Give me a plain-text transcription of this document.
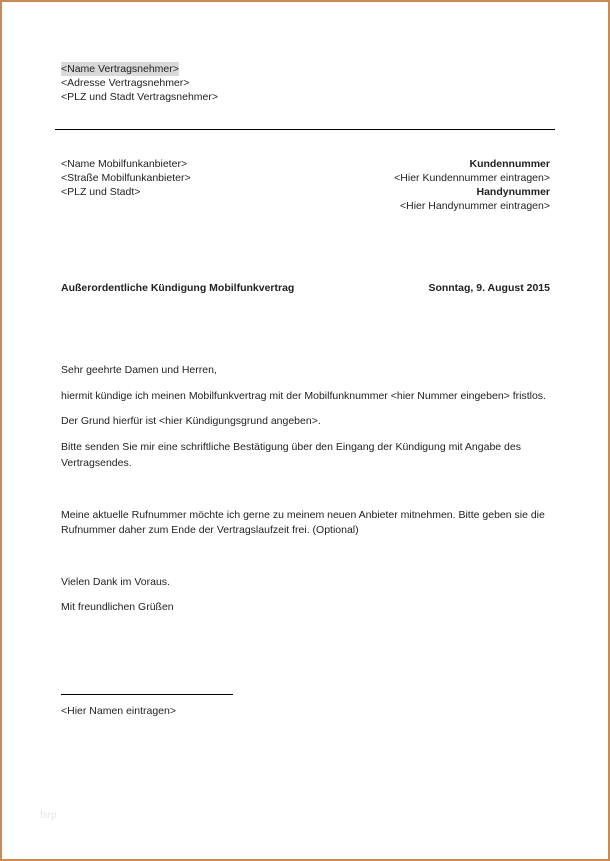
<Name Vertragsnehmer>
<Adresse Vertragsnehmer>
<PLZ und Stadt Vertragsnehmer>
<Name Mobilfunkanbieter>
<Straße Mobilfunkanbieter>
<PLZ und Stadt>
Kundennummer
<Hier Kundennummer eintragen>
Handynummer
<Hier Handynummer eintragen>
Außerordentliche Kündigung Mobilfunkvertrag	Sonntag, 9. August 2015
Sehr geehrte Damen und Herren,
hiermit kündige ich meinen Mobilfunkvertrag mit der Mobilfunknummer <hier Nummer eingeben> fristlos.
Der Grund hierfür ist <hier Kündigungsgrund angeben>.
Bitte senden Sie mir eine schriftliche Bestätigung über den Eingang der Kündigung mit Angabe des
Vertragsendes.
Meine aktuelle Rufnummer möchte ich gerne zu meinem neuen Anbieter mitnehmen. Bitte geben sie die
Rufnummer daher zum Ende der Vertragslaufzeit frei. (Optional)
Vielen Dank im Voraus.
Mit freundlichen Grüßen
<Hier Namen eintragen>
fsrp
